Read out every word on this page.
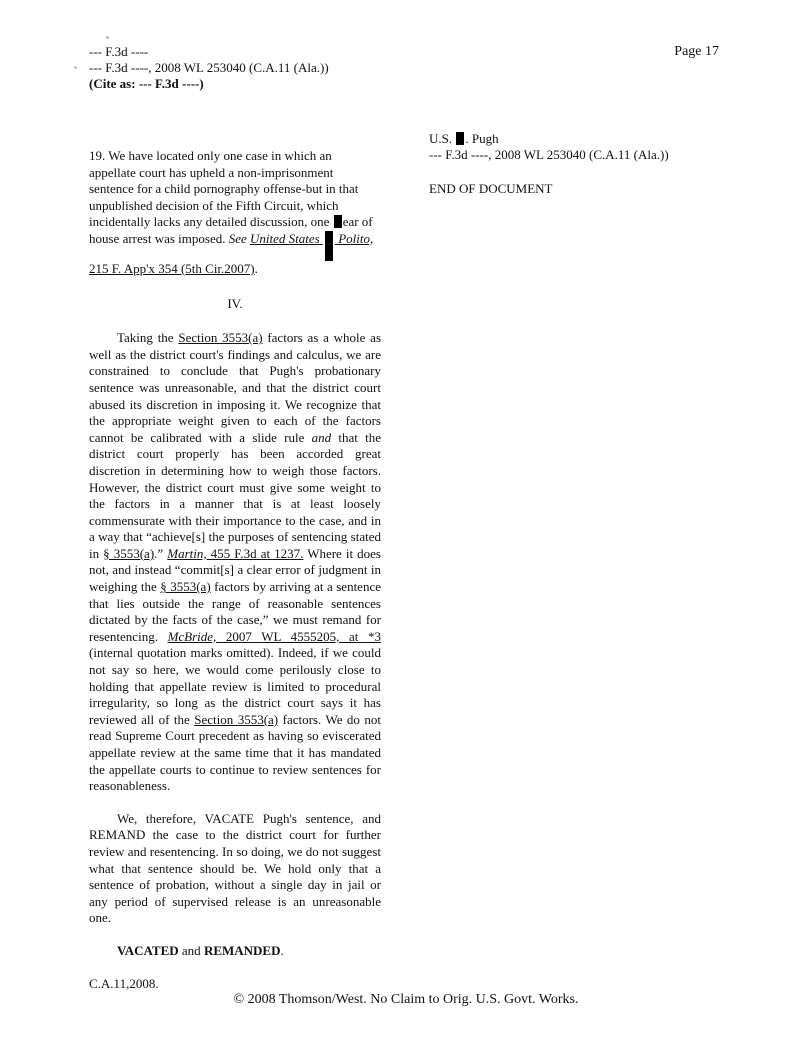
--- F.3d ----
--- F.3d ----, 2008 WL 253040 (C.A.11 (Ala.))
(Cite as: --- F.3d ----)
Page 17

19. We have located only one case in which an appellate court has upheld a non-imprisonment sentence for a child pornography offense-but in that unpublished decision of the Fifth Circuit, which incidentally lacks any detailed discussion, one ear of house arrest was imposed. See United States Polito, 215 F. App'x 354 (5th Cir.2007).

IV.

Taking the Section 3553(a) factors as a whole as well as the district court's findings and calculus, we are constrained to conclude that Pugh's probationary sentence was unreasonable, and that the district court abused its discretion in imposing it. We recognize that the appropriate weight given to each of the factors cannot be calibrated with a slide rule and that the district court properly has been accorded great discretion in determining how to weigh those factors. However, the district court must give some weight to the factors in a manner that is at least loosely commensurate with their importance to the case, and in a way that “achieve[s] the purposes of sentencing stated in § 3553(a).” Martin, 455 F.3d at 1237. Where it does not, and instead “commit[s] a clear error of judgment in weighing the § 3553(a) factors by arriving at a sentence that lies outside the range of reasonable sentences dictated by the facts of the case,” we must remand for resentencing. McBride, 2007 WL 4555205, at *3 (internal quotation marks omitted). Indeed, if we could not say so here, we would come perilously close to holding that appellate review is limited to procedural irregularity, so long as the district court says it has reviewed all of the Section 3553(a) factors. We do not read Supreme Court precedent as having so eviscerated appellate review at the same time that it has mandated the appellate courts to continue to review sentences for reasonableness.

We, therefore, VACATE Pugh's sentence, and REMAND the case to the district court for further review and resentencing. In so doing, we do not suggest what that sentence should be. We hold only that a sentence of probation, without a single day in jail or any period of supervised release is an unreasonable one.

VACATED and REMANDED.

C.A.11,2008.

U.S. . Pugh
--- F.3d ----, 2008 WL 253040 (C.A.11 (Ala.))
END OF DOCUMENT
© 2008 Thomson/West. No Claim to Orig. U.S. Govt. Works.
